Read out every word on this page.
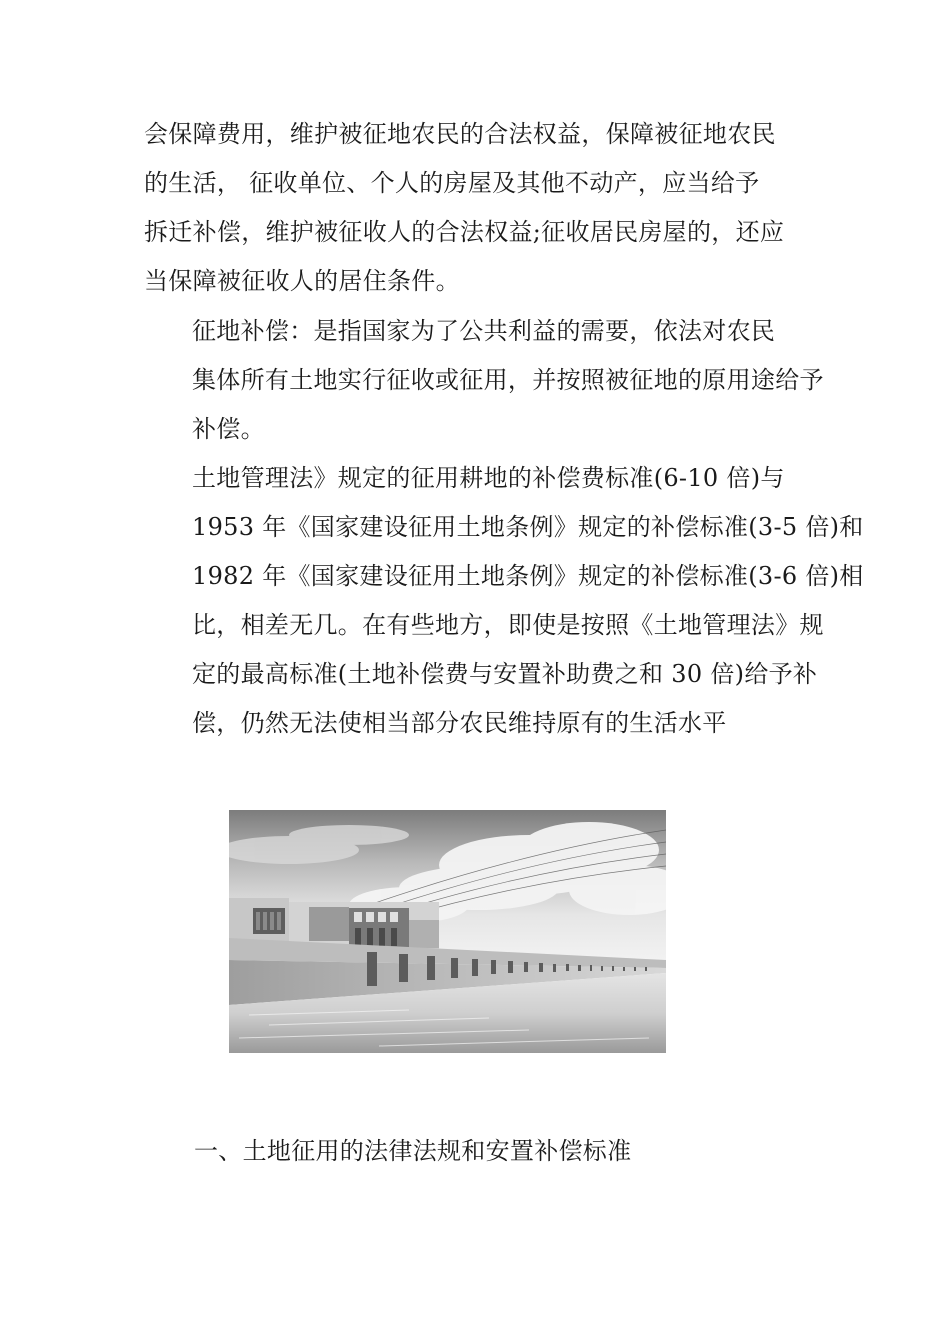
会保障费用，维护被征地农民的合法权益，保障被征地农民
的生活， 征收单位、个人的房屋及其他不动产，应当给予
拆迁补偿，维护被征收人的合法权益;征收居民房屋的，还应
当保障被征收人的居住条件。

征地补偿：是指国家为了公共利益的需要，依法对农民
集体所有土地实行征收或征用，并按照被征地的原用途给予
补偿。

土地管理法》规定的征用耕地的补偿费标准(6-10 倍)与
1953 年《国家建设征用土地条例》规定的补偿标准(3-5 倍)和
1982 年《国家建设征用土地条例》规定的补偿标准(3-6 倍)相
比，相差无几。在有些地方，即使是按照《土地管理法》规
定的最高标准(土地补偿费与安置补助费之和 30 倍)给予补
偿，仍然无法使相当部分农民维持原有的生活水平

一、土地征用的法律法规和安置补偿标准
